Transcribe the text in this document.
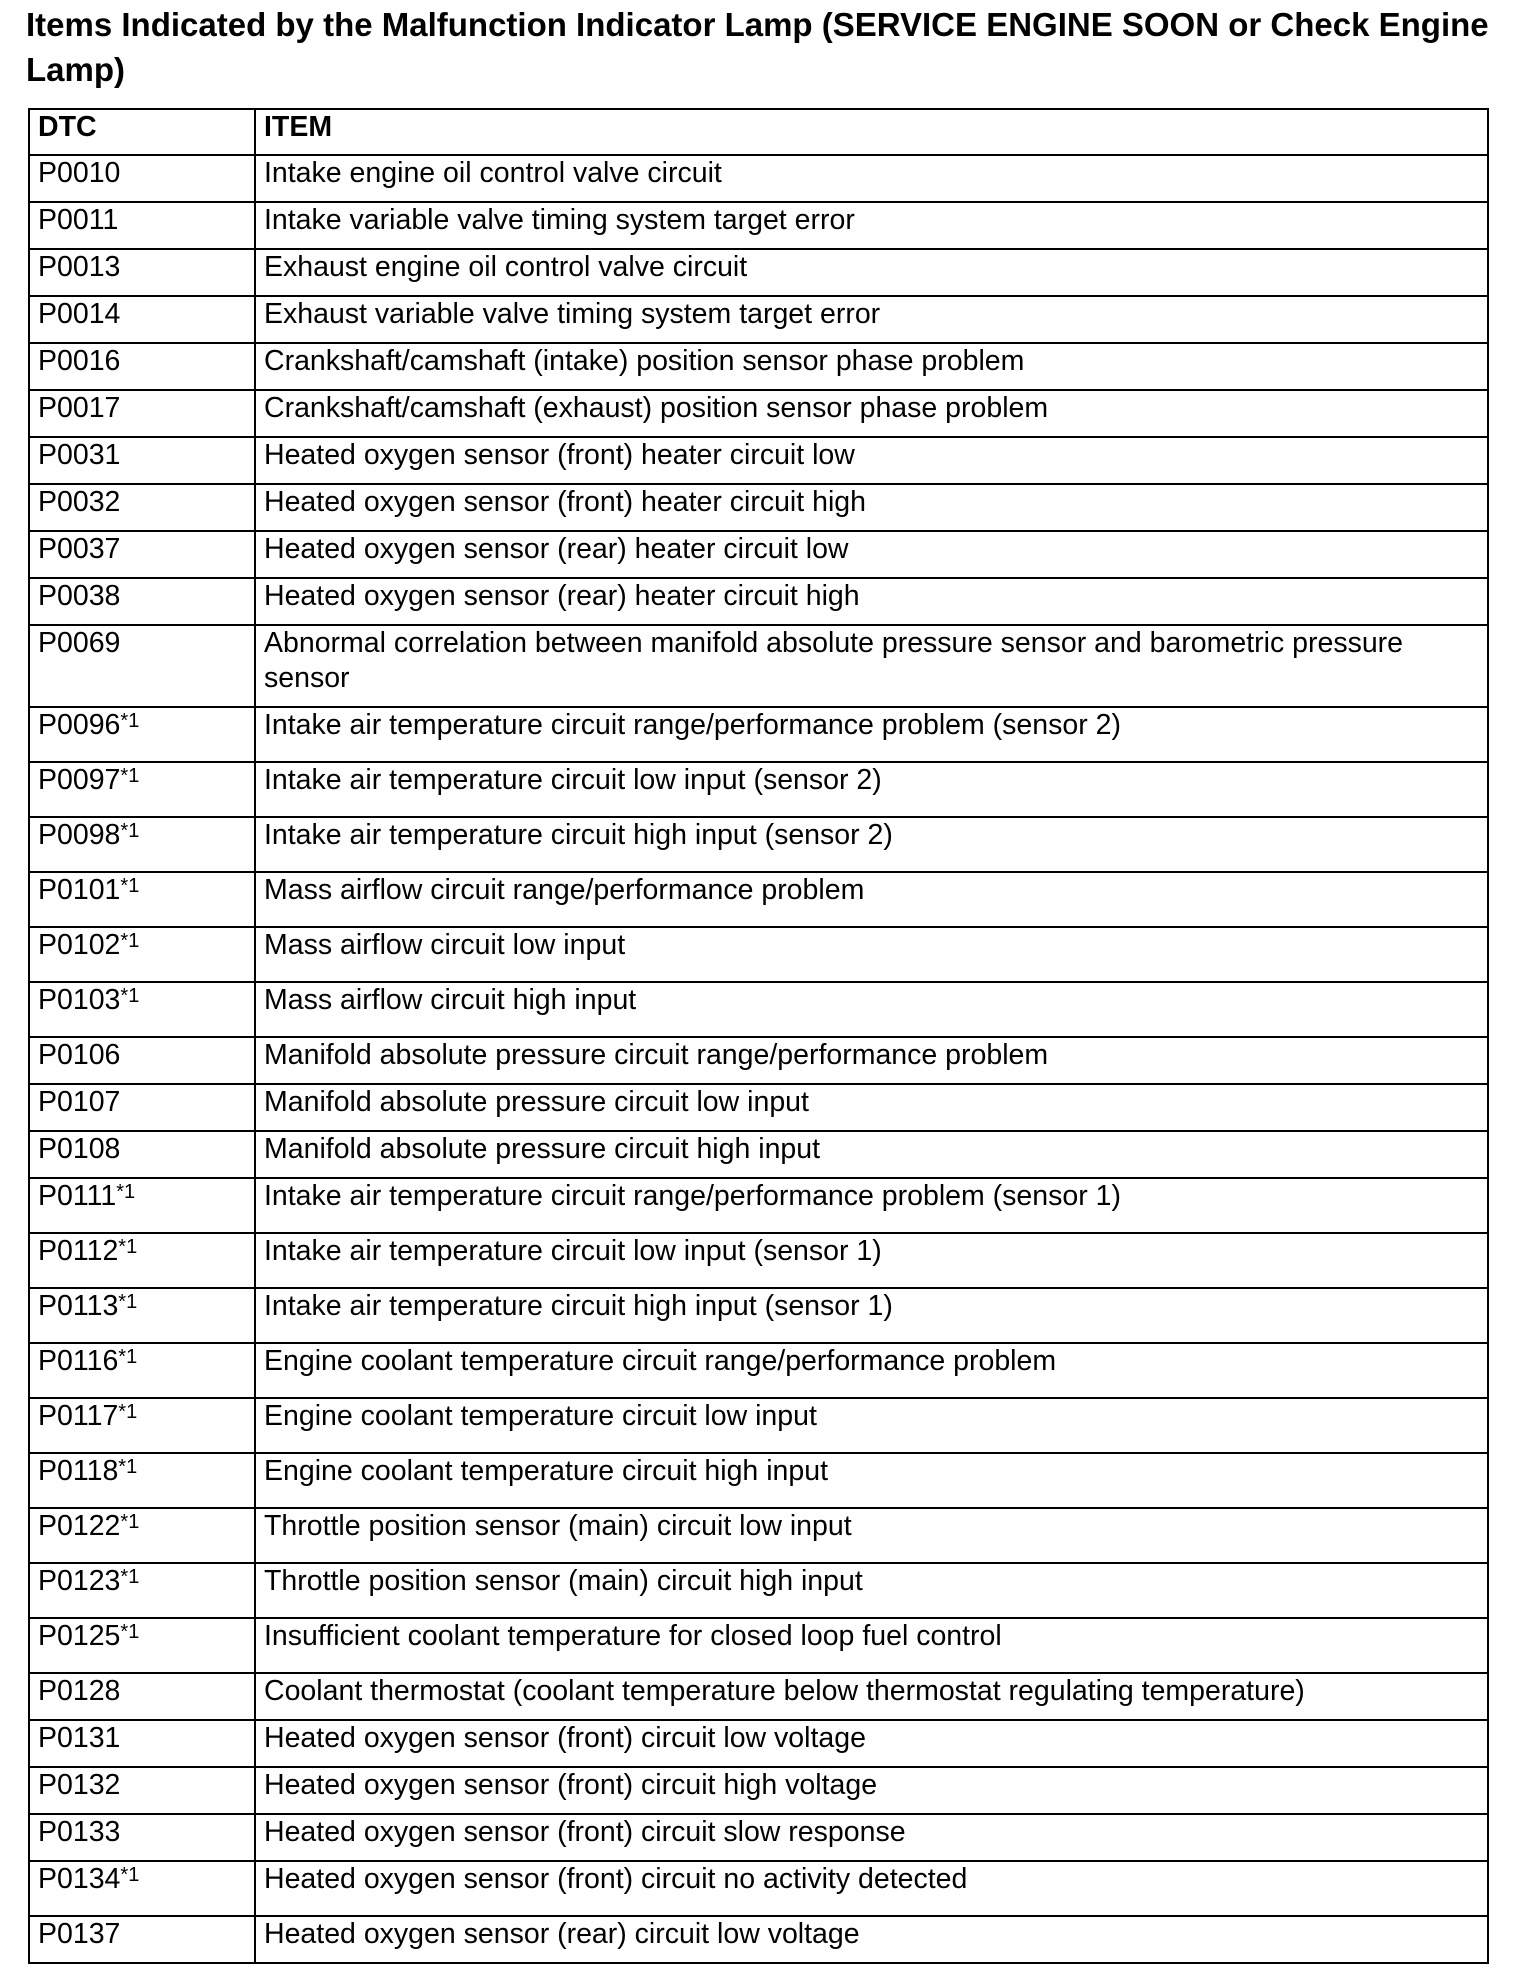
Items Indicated by the Malfunction Indicator Lamp (SERVICE ENGINE SOON or Check Engine Lamp)
DTC	ITEM
P0010	Intake engine oil control valve circuit
P0011	Intake variable valve timing system target error
P0013	Exhaust engine oil control valve circuit
P0014	Exhaust variable valve timing system target error
P0016	Crankshaft/camshaft (intake) position sensor phase problem
P0017	Crankshaft/camshaft (exhaust) position sensor phase problem
P0031	Heated oxygen sensor (front) heater circuit low
P0032	Heated oxygen sensor (front) heater circuit high
P0037	Heated oxygen sensor (rear) heater circuit low
P0038	Heated oxygen sensor (rear) heater circuit high
P0069	Abnormal correlation between manifold absolute pressure sensor and barometric pressure sensor
P0096$^{*1}$	Intake air temperature circuit range/performance problem (sensor 2)
P0097$^{*1}$	Intake air temperature circuit low input (sensor 2)
P0098$^{*1}$	Intake air temperature circuit high input (sensor 2)
P0101$^{*1}$	Mass airflow circuit range/performance problem
P0102$^{*1}$	Mass airflow circuit low input
P0103$^{*1}$	Mass airflow circuit high input
P0106	Manifold absolute pressure circuit range/performance problem
P0107	Manifold absolute pressure circuit low input
P0108	Manifold absolute pressure circuit high input
P0111$^{*1}$	Intake air temperature circuit range/performance problem (sensor 1)
P0112$^{*1}$	Intake air temperature circuit low input (sensor 1)
P0113$^{*1}$	Intake air temperature circuit high input (sensor 1)
P0116$^{*1}$	Engine coolant temperature circuit range/performance problem
P0117$^{*1}$	Engine coolant temperature circuit low input
P0118$^{*1}$	Engine coolant temperature circuit high input
P0122$^{*1}$	Throttle position sensor (main) circuit low input
P0123$^{*1}$	Throttle position sensor (main) circuit high input
P0125$^{*1}$	Insufficient coolant temperature for closed loop fuel control
P0128	Coolant thermostat (coolant temperature below thermostat regulating temperature)
P0131	Heated oxygen sensor (front) circuit low voltage
P0132	Heated oxygen sensor (front) circuit high voltage
P0133	Heated oxygen sensor (front) circuit slow response
P0134$^{*1}$	Heated oxygen sensor (front) circuit no activity detected
P0137	Heated oxygen sensor (rear) circuit low voltage
